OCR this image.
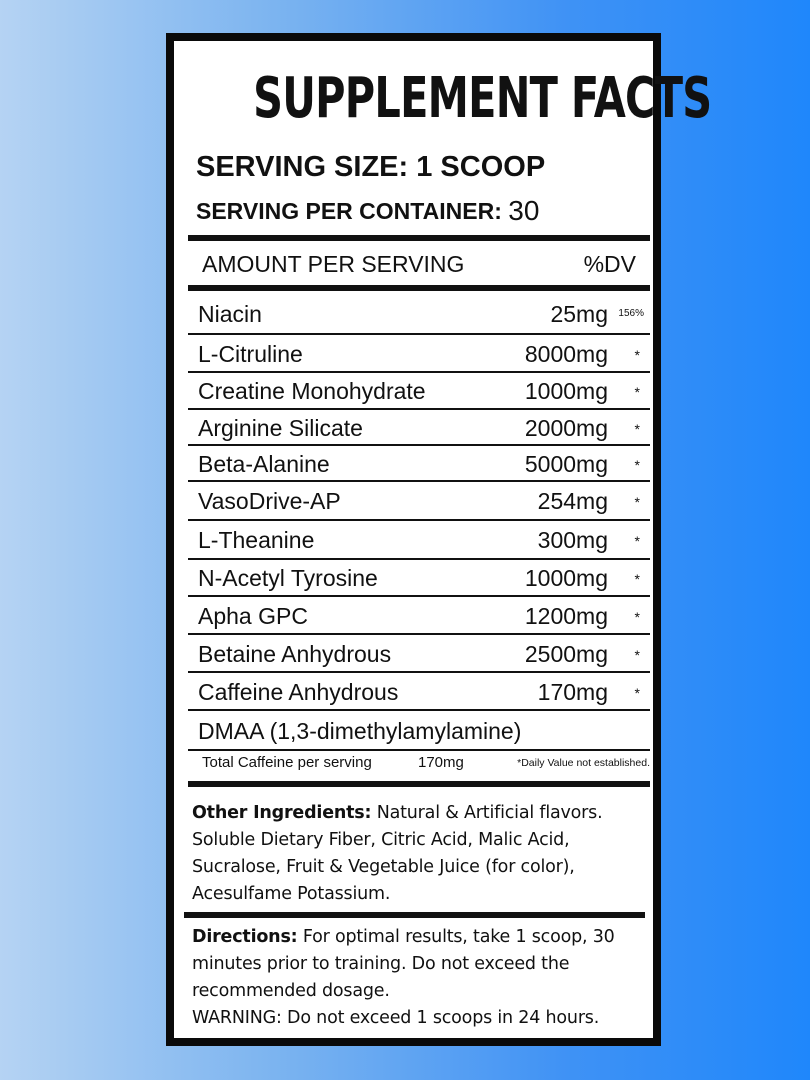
SUPPLEMENT FACTS
SERVING SIZE: 1 SCOOP
SERVING PER CONTAINER: 30
AMOUNT PER SERVING	%DV
Niacin	25mg 156%
L-Citruline	8000mg *
Creatine Monohydrate	1000mg *
Arginine Silicate	2000mg *
Beta-Alanine	5000mg *
VasoDrive-AP	254mg *
L-Theanine	300mg *
N-Acetyl Tyrosine	1000mg *
Apha GPC	1200mg *
Betaine Anhydrous	2500mg *
Caffeine Anhydrous	170mg *
DMAA (1,3-dimethylamylamine)
Total Caffeine per serving	170mg	*Daily Value not established.
Other Ingredients: Natural & Artificial flavors. Soluble Dietary Fiber, Citric Acid, Malic Acid, Sucralose, Fruit & Vegetable Juice (for color), Acesulfame Potassium.
Directions: For optimal results, take 1 scoop, 30 minutes prior to training. Do not exceed the recommended dosage.
WARNING: Do not exceed 1 scoops in 24 hours.
